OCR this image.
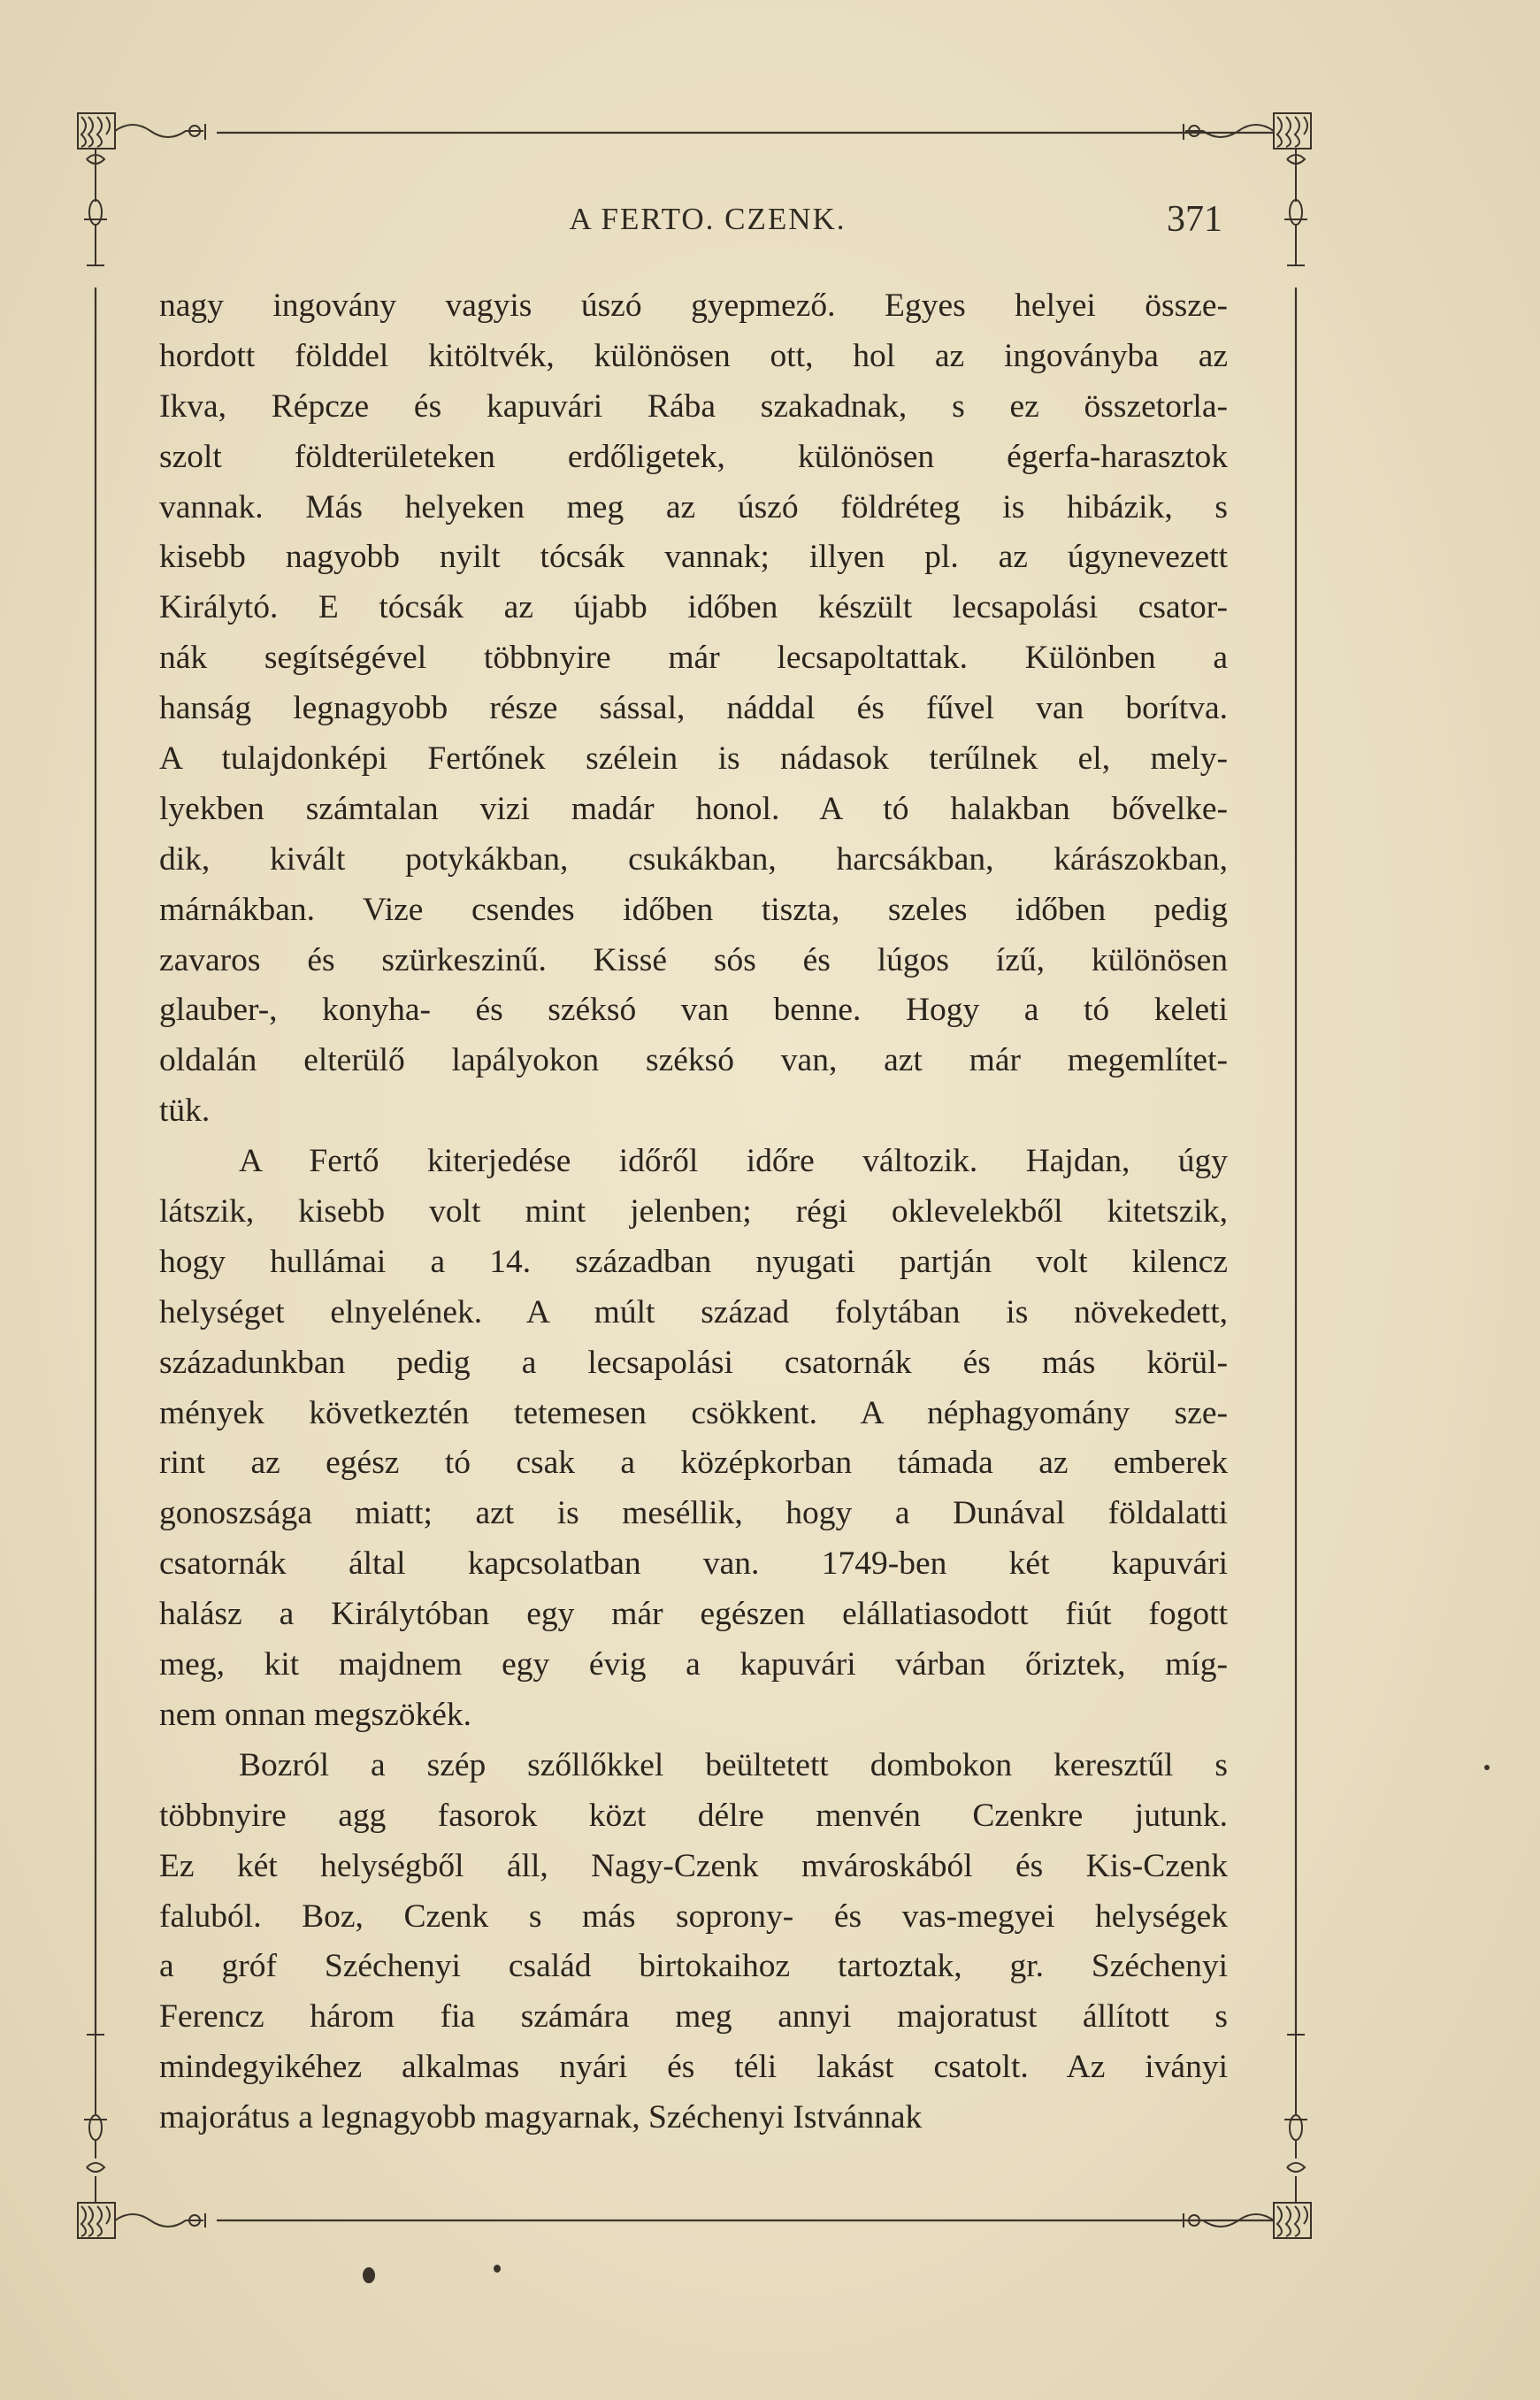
A FERTO. CZENK.	371
nagy ingovány vagyis úszó gyepmező. Egyes helyei össze-
hordott földdel kitöltvék, különösen ott, hol az ingoványba az
Ikva, Répcze és kapuvári Rába szakadnak, s ez összetorla-
szolt földterületeken erdőligetek, különösen égerfa-harasztok
vannak. Más helyeken meg az úszó földréteg is hibázik, s
kisebb nagyobb nyilt tócsák vannak; illyen pl. az úgynevezett
Királytó. E tócsák az újabb időben készült lecsapolási csator-
nák segítségével többnyire már lecsapoltattak. Különben a
hanság legnagyobb része sással, náddal és fűvel van borítva.
A tulajdonképi Fertőnek szélein is nádasok terűlnek el, mely-
lyekben számtalan vizi madár honol. A tó halakban bővelke-
dik, kivált potykákban, csukákban, harcsákban, kárászokban,
márnákban. Vize csendes időben tiszta, szeles időben pedig
zavaros és szürkeszinű. Kissé sós és lúgos ízű, különösen
glauber-, konyha- és széksó van benne. Hogy a tó keleti
oldalán elterülő lapályokon széksó van, azt már megemlítet-
tük.
A Fertő kiterjedése időről időre változik. Hajdan, úgy
látszik, kisebb volt mint jelenben; régi oklevelekből kitetszik,
hogy hullámai a 14. században nyugati partján volt kilencz
helységet elnyelének. A múlt század folytában is növekedett,
századunkban pedig a lecsapolási csatornák és más körül-
mények következtén tetemesen csökkent. A néphagyomány sze-
rint az egész tó csak a középkorban támada az emberek
gonoszsága miatt; azt is meséllik, hogy a Dunával földalatti
csatornák által kapcsolatban van. 1749-ben két kapuvári
halász a Királytóban egy már egészen elállatiasodott fiút fogott
meg, kit majdnem egy évig a kapuvári várban őriztek, míg-
nem onnan megszökék.
Bozról a szép szőllőkkel beültetett dombokon keresztűl s
többnyire agg fasorok közt délre menvén Czenkre jutunk.
Ez két helységből áll, Nagy-Czenk mvároskából és Kis-Czenk
faluból. Boz, Czenk s más soprony- és vas-megyei helységek
a gróf Széchenyi család birtokaihoz tartoztak, gr. Széchenyi
Ferencz három fia számára meg annyi majoratust állított s
mindegyikéhez alkalmas nyári és téli lakást csatolt. Az iványi
majorátus a legnagyobb magyarnak, Széchenyi Istvánnak
